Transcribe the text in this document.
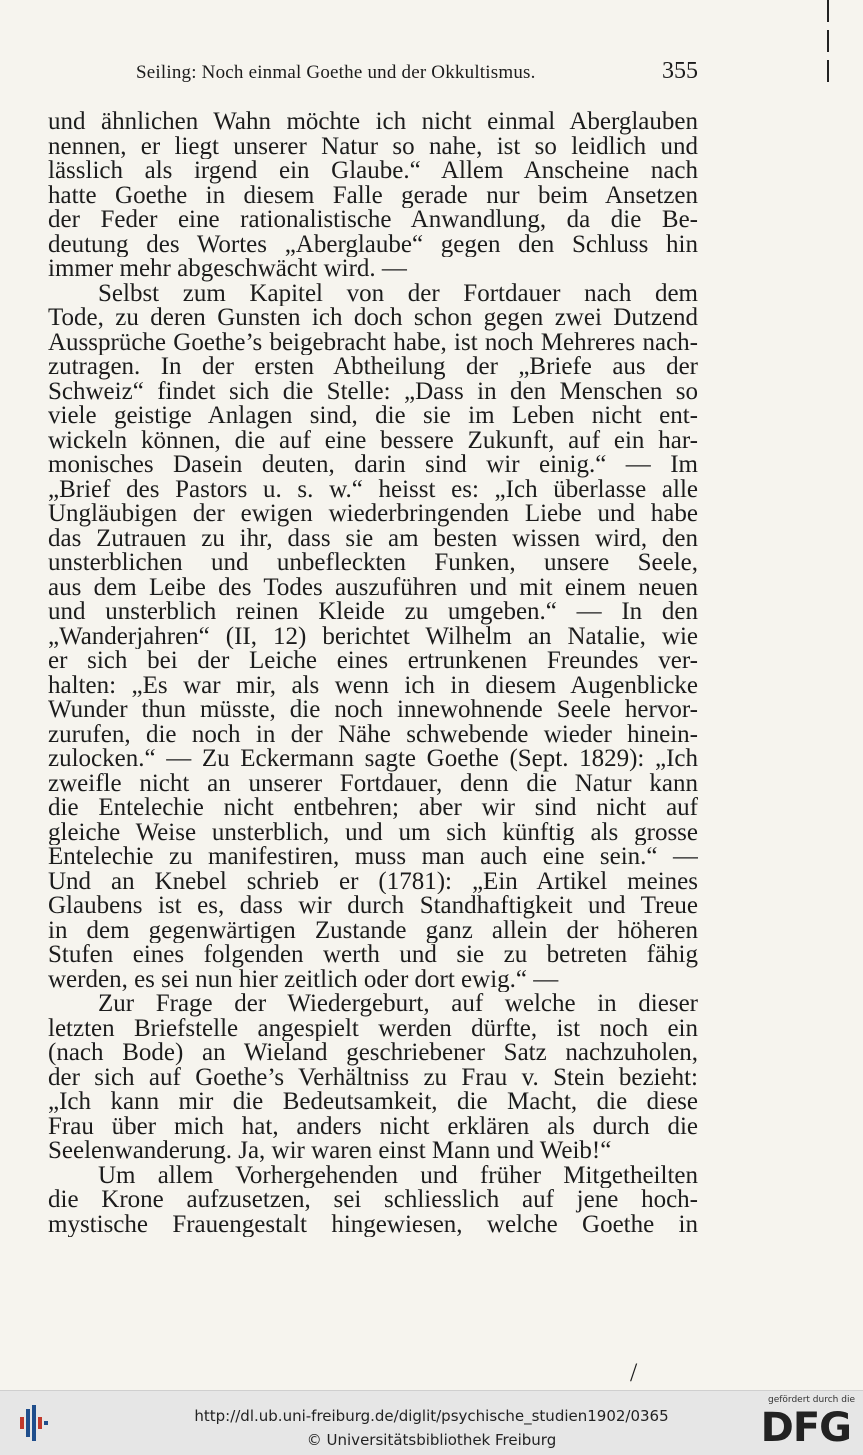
Seiling: Noch einmal Goethe und der Okkultismus.	355
und ähnlichen Wahn möchte ich nicht einmal Aberglauben
nennen, er liegt unserer Natur so nahe, ist so leidlich und
lässlich als irgend ein Glaube.“ Allem Anscheine nach
hatte Goethe in diesem Falle gerade nur beim Ansetzen
der Feder eine rationalistische Anwandlung, da die Be-
deutung des Wortes „Aberglaube“ gegen den Schluss hin
immer mehr abgeschwächt wird. —
Selbst zum Kapitel von der Fortdauer nach dem
Tode, zu deren Gunsten ich doch schon gegen zwei Dutzend
Aussprüche Goethe’s beigebracht habe, ist noch Mehreres nach-
zutragen. In der ersten Abtheilung der „Briefe aus der
Schweiz“ findet sich die Stelle: „Dass in den Menschen so
viele geistige Anlagen sind, die sie im Leben nicht ent-
wickeln können, die auf eine bessere Zukunft, auf ein har-
monisches Dasein deuten, darin sind wir einig.“ — Im
„Brief des Pastors u. s. w.“ heisst es: „Ich überlasse alle
Ungläubigen der ewigen wiederbringenden Liebe und habe
das Zutrauen zu ihr, dass sie am besten wissen wird, den
unsterblichen und unbefleckten Funken, unsere Seele,
aus dem Leibe des Todes auszuführen und mit einem neuen
und unsterblich reinen Kleide zu umgeben.“ — In den
„Wanderjahren“ (II, 12) berichtet Wilhelm an Natalie, wie
er sich bei der Leiche eines ertrunkenen Freundes ver-
halten: „Es war mir, als wenn ich in diesem Augenblicke
Wunder thun müsste, die noch innewohnende Seele hervor-
zurufen, die noch in der Nähe schwebende wieder hinein-
zulocken.“ — Zu Eckermann sagte Goethe (Sept. 1829): „Ich
zweifle nicht an unserer Fortdauer, denn die Natur kann
die Entelechie nicht entbehren; aber wir sind nicht auf
gleiche Weise unsterblich, und um sich künftig als grosse
Entelechie zu manifestiren, muss man auch eine sein.“ —
Und an Knebel schrieb er (1781): „Ein Artikel meines
Glaubens ist es, dass wir durch Standhaftigkeit und Treue
in dem gegenwärtigen Zustande ganz allein der höheren
Stufen eines folgenden werth und sie zu betreten fähig
werden, es sei nun hier zeitlich oder dort ewig.“ —
Zur Frage der Wiedergeburt, auf welche in dieser
letzten Briefstelle angespielt werden dürfte, ist noch ein
(nach Bode) an Wieland geschriebener Satz nachzuholen,
der sich auf Goethe’s Verhältniss zu Frau v. Stein bezieht:
„Ich kann mir die Bedeutsamkeit, die Macht, die diese
Frau über mich hat, anders nicht erklären als durch die
Seelenwanderung. Ja, wir waren einst Mann und Weib!“
Um allem Vorhergehenden und früher Mitgetheilten
die Krone aufzusetzen, sei schliesslich auf jene hoch-
mystische Frauengestalt hingewiesen, welche Goethe in
/
http://dl.ub.uni-freiburg.de/diglit/psychische_studien1902/0365
© Universitätsbibliothek Freiburg
gefördert durch die
DFG
